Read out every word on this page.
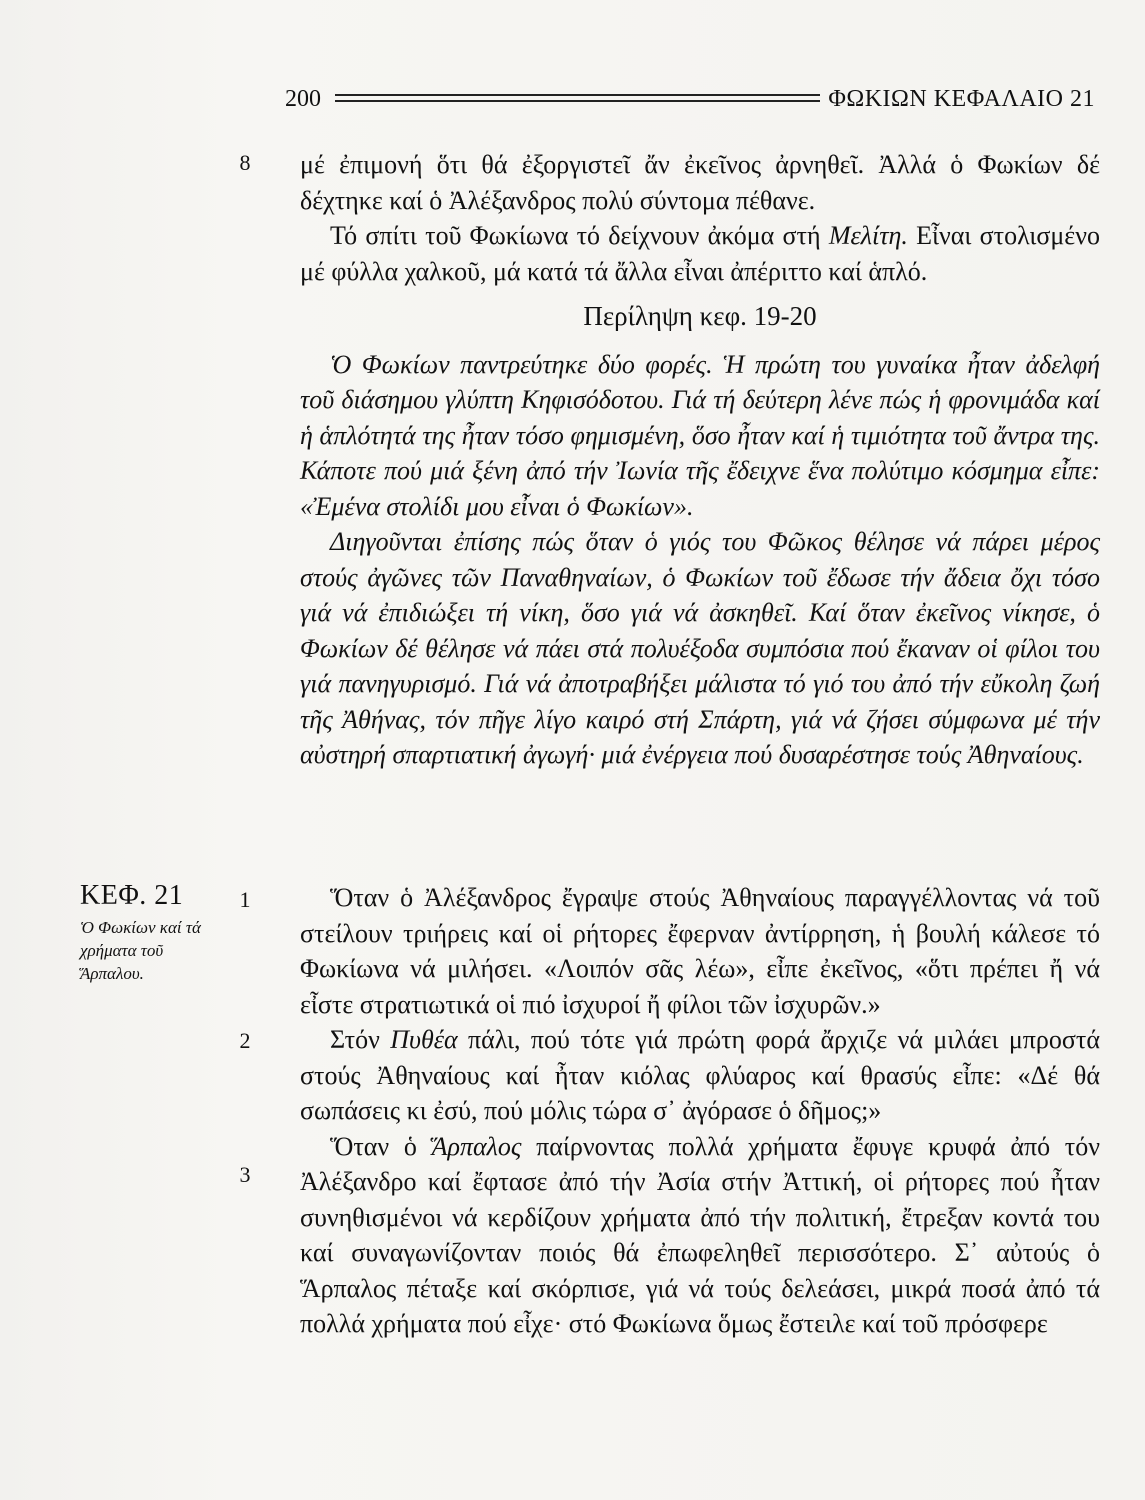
200	ΦΩΚΙΩΝ ΚΕΦΑΛΑΙΟ 21
8
1
2
3
ΚΕΦ. 21
Ὁ Φωκίων καί τά χρήματα τοῦ Ἅρπαλου.

μέ ἐπιμονή ὅτι θά ἐξοργιστεῖ ἄν ἐκεῖνος ἀρνηθεῖ. Ἀλλά ὁ Φωκίων δέ δέχτηκε καί ὁ Ἀλέξανδρος πολύ σύντομα πέθανε.

Τό σπίτι τοῦ Φωκίωνα τό δείχνουν ἀκόμα στή Μελίτη. Εἶναι στολισμένο μέ φύλλα χαλκοῦ, μά κατά τά ἄλλα εἶναι ἀπέριττο καί ἁπλό.

Περίληψη κεφ. 19-20

Ὁ Φωκίων παντρεύτηκε δύο φορές. Ἡ πρώτη του γυναίκα ἦταν ἀδελφή τοῦ διάσημου γλύπτη Κηφισόδοτου. Γιά τή δεύτερη λένε πώς ἡ φρονιμάδα καί ἡ ἁπλότητά της ἦταν τόσο φημισμένη, ὅσο ἦταν καί ἡ τιμιότητα τοῦ ἄντρα της. Κάποτε πού μιά ξένη ἀπό τήν Ἰωνία τῆς ἔδειχνε ἕνα πολύτιμο κόσμημα εἶπε: «Ἐμένα στολίδι μου εἶναι ὁ Φωκίων».

Διηγοῦνται ἐπίσης πώς ὅταν ὁ γιός του Φῶκος θέλησε νά πάρει μέρος στούς ἀγῶνες τῶν Παναθηναίων, ὁ Φωκίων τοῦ ἔδωσε τήν ἄδεια ὄχι τόσο γιά νά ἐπιδιώξει τή νίκη, ὅσο γιά νά ἀσκηθεῖ. Καί ὅταν ἐκεῖνος νίκησε, ὁ Φωκίων δέ θέλησε νά πάει στά πολυέξοδα συμπόσια πού ἔκαναν οἱ φίλοι του γιά πανηγυρισμό. Γιά νά ἀποτραβήξει μάλιστα τό γιό του ἀπό τήν εὔκολη ζωή τῆς Ἀθήνας, τόν πῆγε λίγο καιρό στή Σπάρτη, γιά νά ζήσει σύμφωνα μέ τήν αὐστηρή σπαρτιατική ἀγωγή· μιά ἐνέργεια πού δυσαρέστησε τούς Ἀθηναίους.

Ὅταν ὁ Ἀλέξανδρος ἔγραψε στούς Ἀθηναίους παραγγέλλοντας νά τοῦ στείλουν τριήρεις καί οἱ ρήτορες ἔφερναν ἀντίρρηση, ἡ βουλή κάλεσε τό Φωκίωνα νά μιλήσει. «Λοιπόν σᾶς λέω», εἶπε ἐκεῖνος, «ὅτι πρέπει ἤ νά εἶστε στρατιωτικά οἱ πιό ἰσχυροί ἤ φίλοι τῶν ἰσχυρῶν.»

Στόν Πυθέα πάλι, πού τότε γιά πρώτη φορά ἄρχιζε νά μιλάει μπροστά στούς Ἀθηναίους καί ἦταν κιόλας φλύαρος καί θρασύς εἶπε: «Δέ θά σωπάσεις κι ἐσύ, πού μόλις τώρα σ᾽ ἀγόρασε ὁ δῆμος;»

Ὅταν ὁ Ἅρπαλος παίρνοντας πολλά χρήματα ἔφυγε κρυφά ἀπό τόν Ἀλέξανδρο καί ἔφτασε ἀπό τήν Ἀσία στήν Ἀττική, οἱ ρήτορες πού ἦταν συνηθισμένοι νά κερδίζουν χρήματα ἀπό τήν πολιτική, ἔτρεξαν κοντά του καί συναγωνίζονταν ποιός θά ἐπωφεληθεῖ περισσότερο. Σ᾽ αὐτούς ὁ Ἅρπαλος πέταξε καί σκόρπισε, γιά νά τούς δελεάσει, μικρά ποσά ἀπό τά πολλά χρήματα πού εἶχε· στό Φωκίωνα ὅμως ἔστειλε καί τοῦ πρόσφερε
